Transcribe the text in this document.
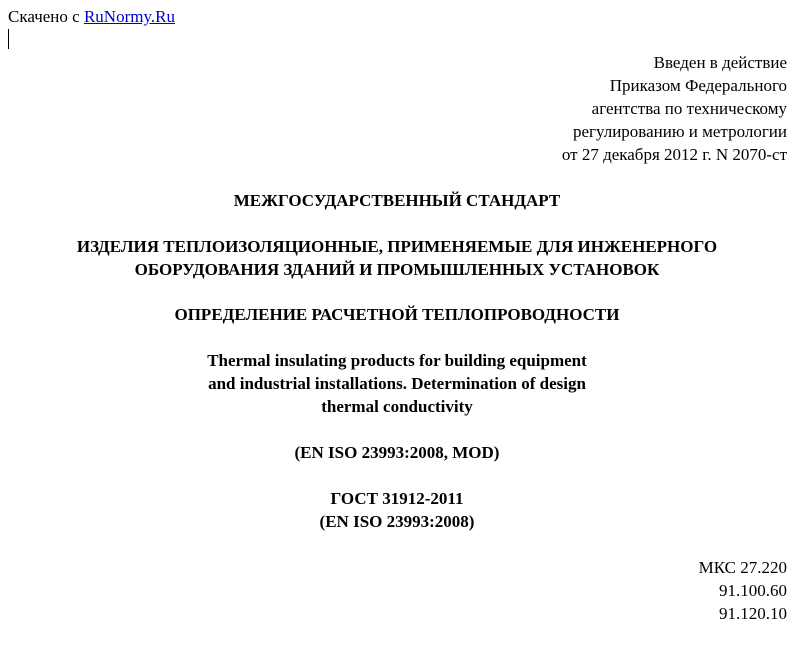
Скачено с RuNormy.Ru
Введен в действие
Приказом Федерального
агентства по техническому
регулированию и метрологии
от 27 декабря 2012 г. N 2070-ст
МЕЖГОСУДАРСТВЕННЫЙ СТАНДАРТ
ИЗДЕЛИЯ ТЕПЛОИЗОЛЯЦИОННЫЕ, ПРИМЕНЯЕМЫЕ ДЛЯ ИНЖЕНЕРНОГО
ОБОРУДОВАНИЯ ЗДАНИЙ И ПРОМЫШЛЕННЫХ УСТАНОВОК
ОПРЕДЕЛЕНИЕ РАСЧЕТНОЙ ТЕПЛОПРОВОДНОСТИ
Thermal insulating products for building equipment
and industrial installations. Determination of design
thermal conductivity
(EN ISO 23993:2008, MOD)
ГОСТ 31912-2011
(EN ISO 23993:2008)
МКС 27.220
91.100.60
91.120.10
